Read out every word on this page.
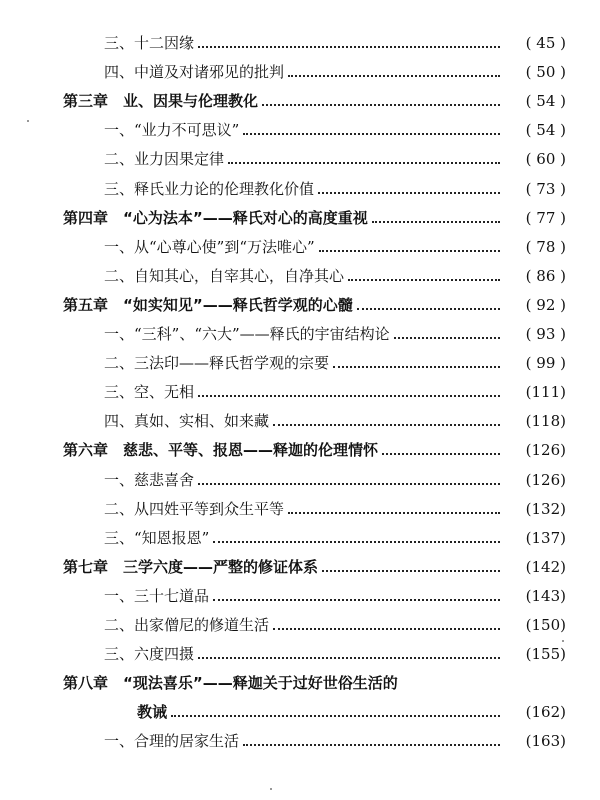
三、十二因缘	( 45 )
四、中道及对诸邪见的批判	( 50 )
第三章　业、因果与伦理教化	( 54 )
一、“业力不可思议”	( 54 )
二、业力因果定律	( 60 )
三、释氏业力论的伦理教化价值	( 73 )
第四章　“心为法本”——释氏对心的高度重视	( 77 )
一、从“心尊心使”到“万法唯心”	( 78 )
二、自知其心，自宰其心，自净其心	( 86 )
第五章　“如实知见”——释氏哲学观的心髓	( 92 )
一、“三科”、“六大”——释氏的宇宙结构论	( 93 )
二、三法印——释氏哲学观的宗要	( 99 )
三、空、无相	(111)
四、真如、实相、如来藏	(118)
第六章　慈悲、平等、报恩——释迦的伦理情怀	(126)
一、慈悲喜舍	(126)
二、从四姓平等到众生平等	(132)
三、“知恩报恩”	(137)
第七章　三学六度——严整的修证体系	(142)
一、三十七道品	(143)
二、出家僧尼的修道生活	(150)
三、六度四摄	(155)
第八章　“现法喜乐”——释迦关于过好世俗生活的
教诫	(162)
一、合理的居家生活	(163)
